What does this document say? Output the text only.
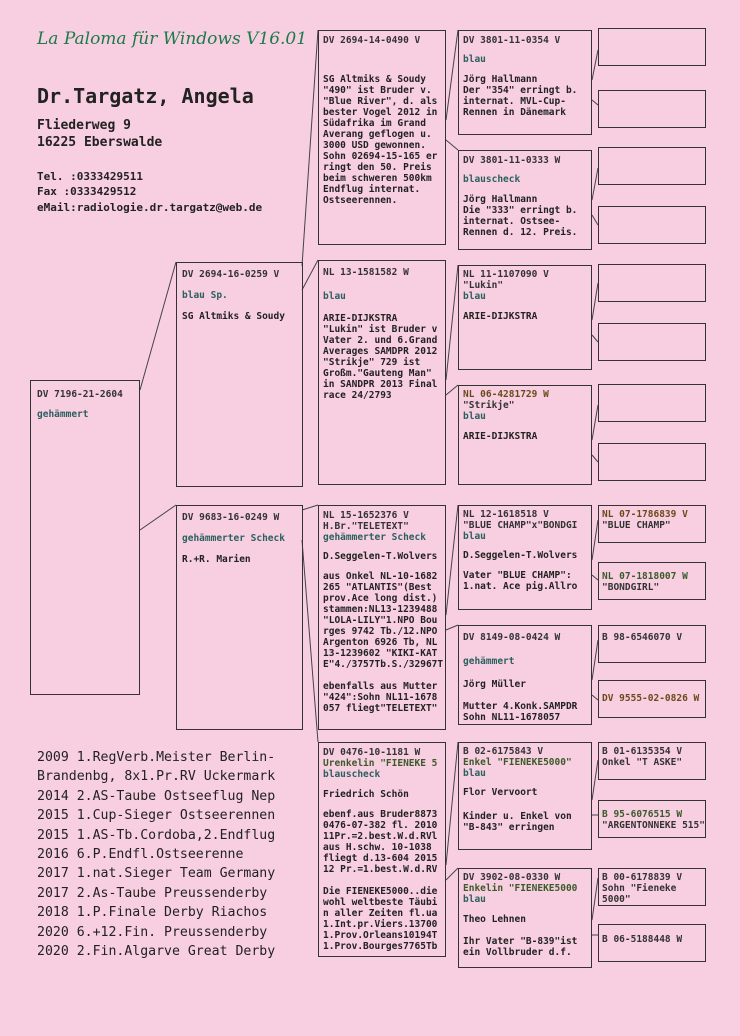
La Paloma für Windows V16.01
Dr.Targatz, Angela
Fliederweg 9
16225 Eberswalde
Tel. :0333429511
Fax :0333429512
eMail:radiologie.dr.targatz@web.de
DV 7196-21-2604
gehämmert
DV 2694-16-0259 V
blau Sp.
SG Altmiks & Soudy
DV 9683-16-0249 W
gehämmerter Scheck
R.+R. Marien
DV 2694-14-0490 V
SG Altmiks & Soudy
"490" ist Bruder v.
"Blue River", d. als
bester Vogel 2012 in
Südafrika im Grand
Averang geflogen u.
3000 USD gewonnen.
Sohn 02694-15-165 er
ringt den 50. Preis
beim schweren 500km
Endflug internat.
Ostseerennen.
NL 13-1581582 W
blau
ARIE-DIJKSTRA
"Lukin" ist Bruder v
Vater 2. und 6.Grand
Averages SAMDPR 2012
"Strikje" 729 ist
Großm."Gauteng Man"
in SANDPR 2013 Final
race 24/2793
NL 15-1652376 V
H.Br."TELETEXT"
gehämmerter Scheck
D.Seggelen-T.Wolvers
aus Onkel NL-10-1682
265 "ATLANTIS"(Best
prov.Ace long dist.)
stammen:NL13-1239488
"LOLA-LILY"1.NPO Bou
rges 9742 Tb./12.NPO
Argenton 6926 Tb, NL
13-1239602 "KIKI-KAT
E"4./3757Tb.S./32967T

ebenfalls aus Mutter
"424":Sohn NL11-1678
057 fliegt"TELETEXT"
DV 0476-10-1181 W
Urenkelin "FIENEKE 5
blauscheck
Friedrich Schön
ebenf.aus Bruder8873
0476-07-382 fl. 2010
11Pr.=2.best.W.d.RVl
aus H.schw. 10-1038
fliegt d.13-604 2015
12 Pr.=1.best.W.d.RV

Die FIENEKE5000..die
wohl weltbeste Täubi
n aller Zeiten fl.ua
1.Int.pr.Viers.13700
1.Prov.Orleans10194T
1.Prov.Bourges7765Tb
DV 3801-11-0354 V
blau
Jörg Hallmann
Der "354" erringt b.
internat. MVL-Cup-
Rennen in Dänemark
DV 3801-11-0333 W
blauscheck
Jörg Hallmann
Die "333" erringt b.
internat. Ostsee-
Rennen d. 12. Preis.
NL 11-1107090 V
"Lukin"
blau
ARIE-DIJKSTRA
NL 06-4281729 W
"Strikje"
blau
ARIE-DIJKSTRA
NL 12-1618518 V
"BLUE CHAMP"x"BONDGI
blau
D.Seggelen-T.Wolvers
Vater "BLUE CHAMP":
1.nat. Ace pig.Allro
DV 8149-08-0424 W
gehämmert
Jörg Müller
Mutter 4.Konk.SAMPDR
Sohn NL11-1678057
B 02-6175843 V
Enkel "FIENEKE5000"
blau
Flor Vervoort
Kinder u. Enkel von
"B-843" erringen
DV 3902-08-0330 W
Enkelin "FIENEKE5000
blau
Theo Lehnen
Ihr Vater "B-839"ist
ein Vollbruder d.f.
NL 07-1786839 V
"BLUE CHAMP"
NL 07-1818007 W
"BONDGIRL"
B 98-6546070 V
DV 9555-02-0826 W
B 01-6135354 V
Onkel "T ASKE"
B 95-6076515 W
"ARGENTONNEKE 515"
B 00-6178839 V
Sohn "Fieneke 5000"
B 06-5188448 W
2009 1.RegVerb.Meister Berlin-
Brandenbg, 8x1.Pr.RV Uckermark
2014 2.AS-Taube Ostseeflug Nep
2015 1.Cup-Sieger Ostseerennen
2015 1.AS-Tb.Cordoba,2.Endflug
2016 6.P.Endfl.Ostseerenne
2017 1.nat.Sieger Team Germany
2017 2.As-Taube Preussenderby
2018 1.P.Finale Derby Riachos
2020 6.+12.Fin. Preussenderby
2020 2.Fin.Algarve Great Derby
